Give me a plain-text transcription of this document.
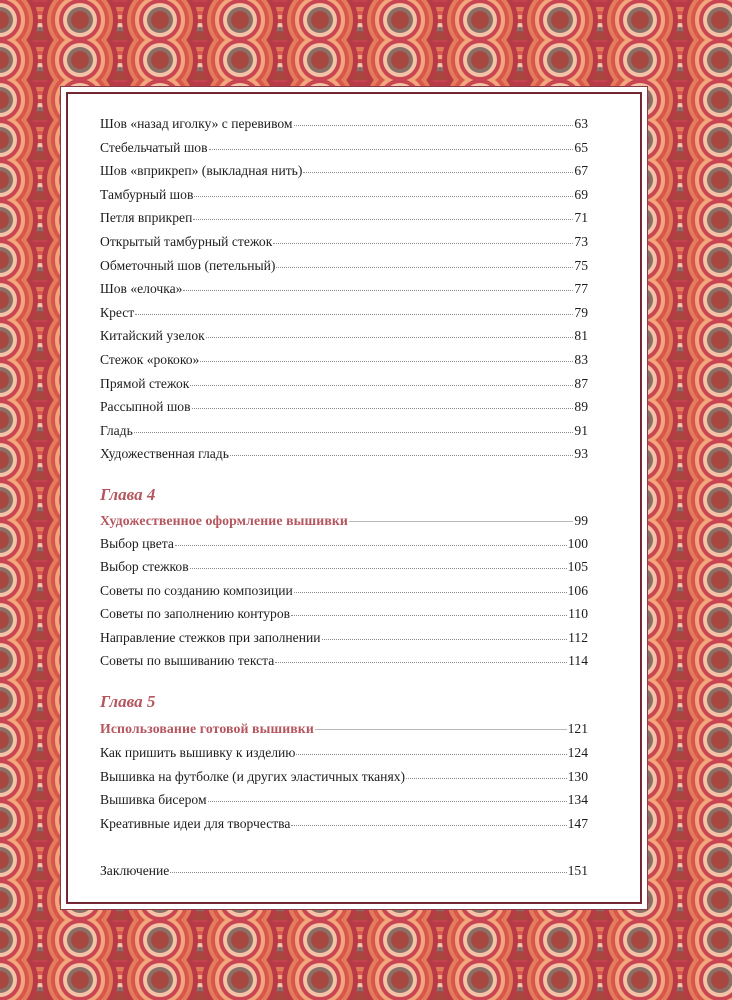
Шов «назад иголку» с перевивом	63
Стебельчатый шов	65
Шов «вприкреп» (выкладная нить)	67
Тамбурный шов	69
Петля вприкреп	71
Открытый тамбурный стежок	73
Обметочный шов (петельный)	75
Шов «елочка»	77
Крест	79
Китайский узелок	81
Стежок «рококо»	83
Прямой стежок	87
Рассыпной шов	89
Гладь	91
Художественная гладь	93
Глава 4
Художественное оформление вышивки	99
Выбор цвета	100
Выбор стежков	105
Советы по созданию композиции	106
Советы по заполнению контуров	110
Направление стежков при заполнении	112
Советы по вышиванию текста	114
Глава 5
Использование готовой вышивки	121
Как пришить вышивку к изделию	124
Вышивка на футболке (и других эластичных тканях)	130
Вышивка бисером	134
Креативные идеи для творчества	147
Заключение	151
